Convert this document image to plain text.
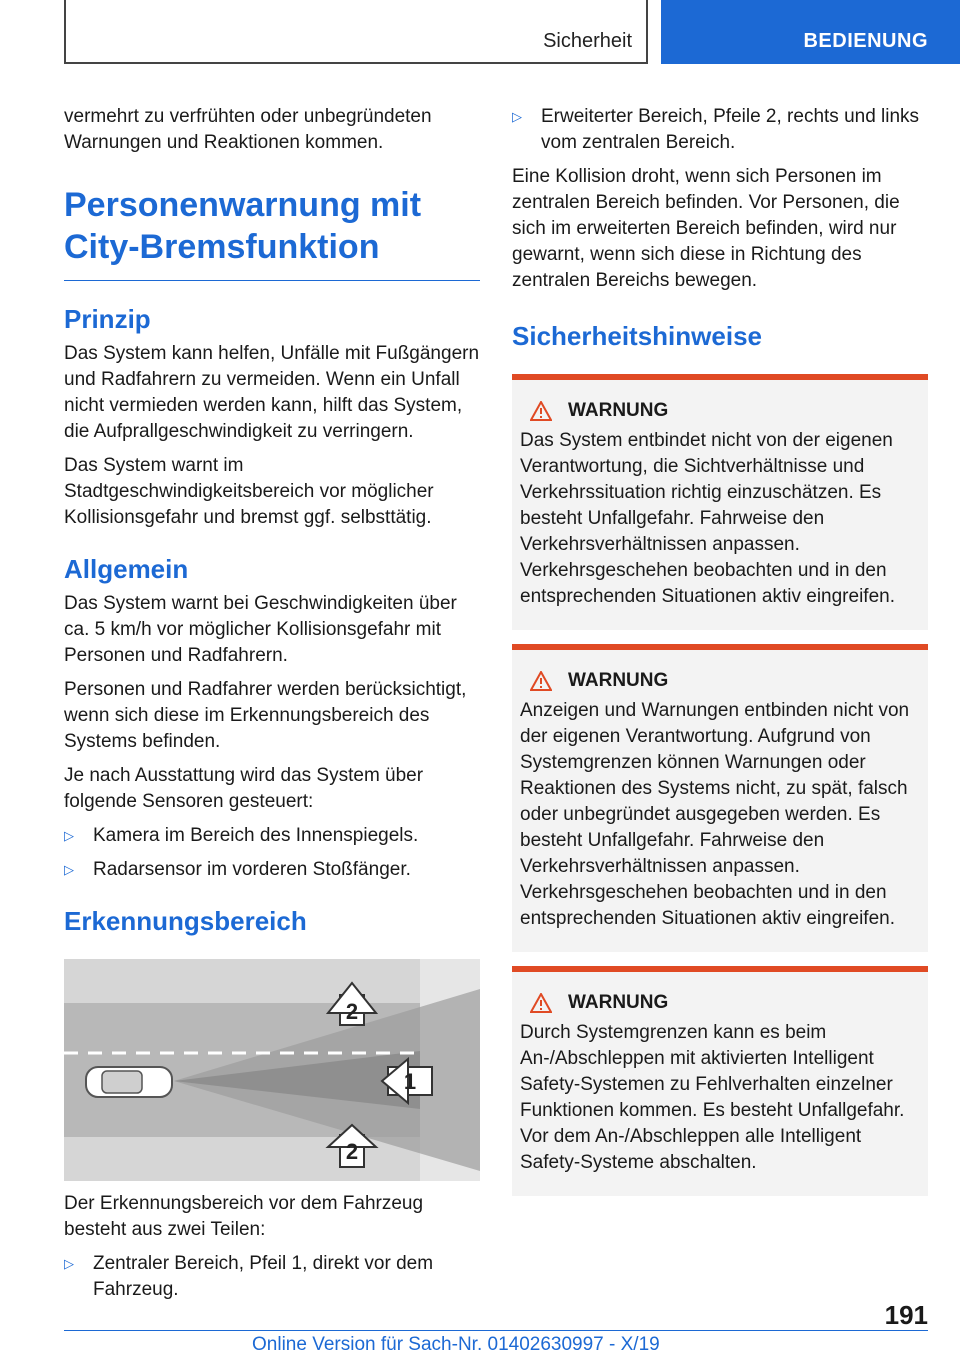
Sicherheit	BEDIENUNG

vermehrt zu verfrühten oder unbegründeten Warnungen und Reaktionen kommen.

Personenwarnung mit City-Bremsfunktion
Prinzip

Das System kann helfen, Unfälle mit Fußgängern und Radfahrern zu vermeiden. Wenn ein Unfall nicht vermieden werden kann, hilft das System, die Aufprallgeschwindigkeit zu verringern.

Das System warnt im Stadtgeschwindigkeitsbereich vor möglicher Kollisionsgefahr und bremst ggf. selbsttätig.

Allgemein

Das System warnt bei Geschwindigkeiten über ca. 5 km/h vor möglicher Kollisionsgefahr mit Personen und Radfahrern.

Personen und Radfahrer werden berücksichtigt, wenn sich diese im Erkennungsbereich des Systems befinden.

Je nach Ausstattung wird das System über folgende Sensoren gesteuert:

▷ Kamera im Bereich des Innenspiegels.
▷ Radarsensor im vorderen Stoßfänger.
Erkennungsbereich
2
1
2

Der Erkennungsbereich vor dem Fahrzeug besteht aus zwei Teilen:

▷ Zentraler Bereich, Pfeil 1, direkt vor dem Fahrzeug.
▷ Erweiterter Bereich, Pfeile 2, rechts und links vom zentralen Bereich.

Eine Kollision droht, wenn sich Personen im zentralen Bereich befinden. Vor Personen, die sich im erweiterten Bereich befinden, wird nur gewarnt, wenn sich diese in Richtung des zentralen Bereichs bewegen.

Sicherheitshinweise
WARNUNG

Das System entbindet nicht von der eigenen Verantwortung, die Sichtverhältnisse und Verkehrssituation richtig einzuschätzen. Es besteht Unfallgefahr. Fahrweise den Verkehrsverhältnissen anpassen. Verkehrsgeschehen beobachten und in den entsprechenden Situationen aktiv eingreifen.

WARNUNG

Anzeigen und Warnungen entbinden nicht von der eigenen Verantwortung. Aufgrund von Systemgrenzen können Warnungen oder Reaktionen des Systems nicht, zu spät, falsch oder unbegründet ausgegeben werden. Es besteht Unfallgefahr. Fahrweise den Verkehrsverhältnissen anpassen. Verkehrsgeschehen beobachten und in den entsprechenden Situationen aktiv eingreifen.

WARNUNG

Durch Systemgrenzen kann es beim An-/Abschleppen mit aktivierten Intelligent Safety-Systemen zu Fehlverhalten einzelner Funktionen kommen. Es besteht Unfallgefahr. Vor dem An-/Abschleppen alle Intelligent Safety-Systeme abschalten.

191
Online Version für Sach-Nr. 01402630997 - X/19
